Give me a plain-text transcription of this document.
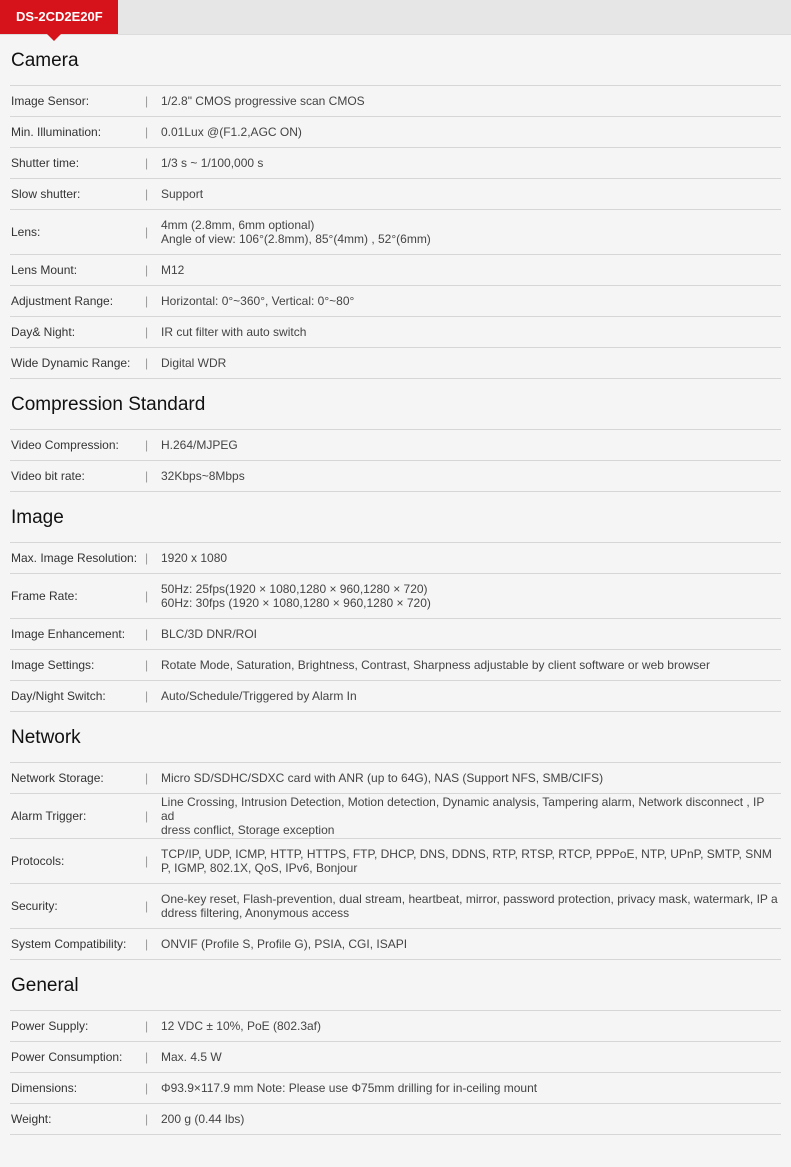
DS-2CD2E20F
Camera
Image Sensor:	|	1/2.8" CMOS progressive scan CMOS
Min. Illumination:	|	0.01Lux @(F1.2,AGC ON)
Shutter time:	|	1/3 s ~ 1/100,000 s
Slow shutter:	|	Support
Lens:	|	4mm (2.8mm, 6mm optional)
Angle of view: 106°(2.8mm), 85°(4mm) , 52°(6mm)
Lens Mount:	|	M12
Adjustment Range:	|	Horizontal: 0°~360°, Vertical: 0°~80°
Day& Night:	|	IR cut filter with auto switch
Wide Dynamic Range:	|	Digital WDR
Compression Standard
Video Compression:	|	H.264/MJPEG
Video bit rate:	|	32Kbps~8Mbps
Image
Max. Image Resolution: |	1920 x 1080
Frame Rate:	|	50Hz: 25fps(1920 × 1080,1280 × 960,1280 × 720)
60Hz: 30fps (1920 × 1080,1280 × 960,1280 × 720)
Image Enhancement:	|	BLC/3D DNR/ROI
Image Settings:	|	Rotate Mode, Saturation, Brightness, Contrast, Sharpness adjustable by client software or web browser
Day/Night Switch:	|	Auto/Schedule/Triggered by Alarm In
Network
Network Storage:	|	Micro SD/SDHC/SDXC card with ANR (up to 64G), NAS (Support NFS, SMB/CIFS)
Alarm Trigger:	|
Line Crossing, Intrusion Detection, Motion detection, Dynamic analysis, Tampering alarm, Network disconnect , IP ad
dress conflict, Storage exception
Protocols:	|	TCP/IP, UDP, ICMP, HTTP, HTTPS, FTP, DHCP, DNS, DDNS, RTP, RTSP, RTCP, PPPoE, NTP, UPnP, SMTP, SNM
P, IGMP, 802.1X, QoS, IPv6, Bonjour
Security:	|	One-key reset, Flash-prevention, dual stream, heartbeat, mirror, password protection, privacy mask, watermark, IP a
ddress filtering, Anonymous access
System Compatibility:	|	ONVIF (Profile S, Profile G), PSIA, CGI, ISAPI
General
Power Supply:	|	12 VDC ± 10%, PoE (802.3af)
Power Consumption:	|	Max. 4.5 W
Dimensions:	|	Φ93.9×117.9 mm Note: Please use Φ75mm drilling for in-ceiling mount
Weight:	|	200 g (0.44 lbs)
